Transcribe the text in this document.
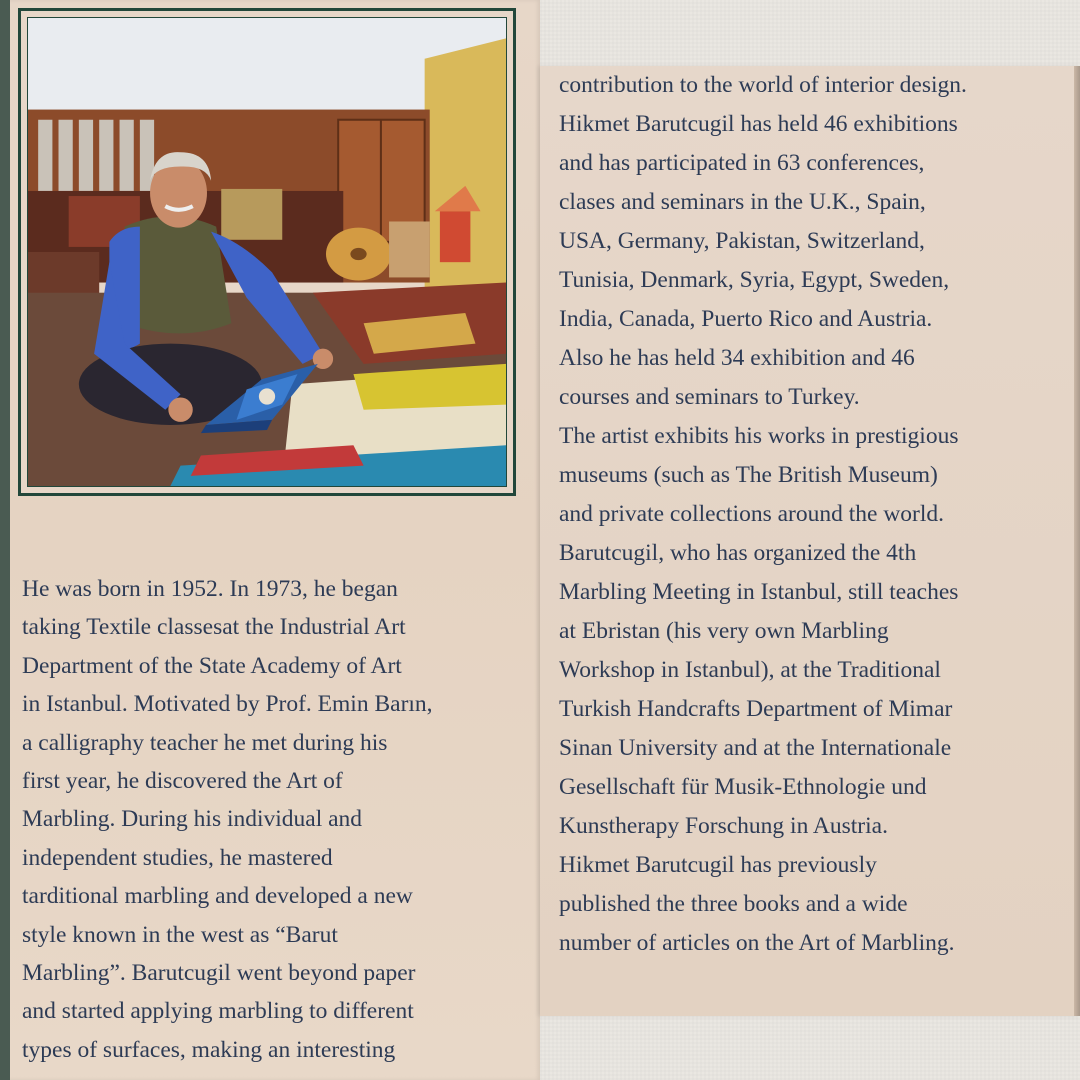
He was born in 1952. In 1973, he began
taking Textile classesat the Industrial Art
Department of the State Academy of Art
in Istanbul. Motivated by Prof. Emin Barın,
a calligraphy teacher he met during his
first year, he discovered the Art of
Marbling. During his individual and
independent studies, he mastered
tarditional marbling and developed a new
style known in the west as “Barut
Marbling”. Barutcugil went beyond paper
and started applying marbling to different
types of surfaces, making an interesting

contribution to the world of interior design.
Hikmet Barutcugil has held 46 exhibitions
and has participated in 63 conferences,
clases and seminars in the U.K., Spain,
USA, Germany, Pakistan, Switzerland,
Tunisia, Denmark, Syria, Egypt, Sweden,
India, Canada, Puerto Rico and Austria.
Also he has held 34 exhibition and 46
courses and seminars to Turkey.
The artist exhibits his works in prestigious
museums (such as The British Museum)
and private collections around the world.
Barutcugil, who has organized the 4th
Marbling Meeting in Istanbul, still teaches
at Ebristan (his very own Marbling
Workshop in Istanbul), at the Traditional
Turkish Handcrafts Department of Mimar
Sinan University and at the Internationale
Gesellschaft für Musik-Ethnologie und
Kunstherapy Forschung in Austria.
Hikmet Barutcugil has previously
published the three books and a wide
number of articles on the Art of Marbling.
